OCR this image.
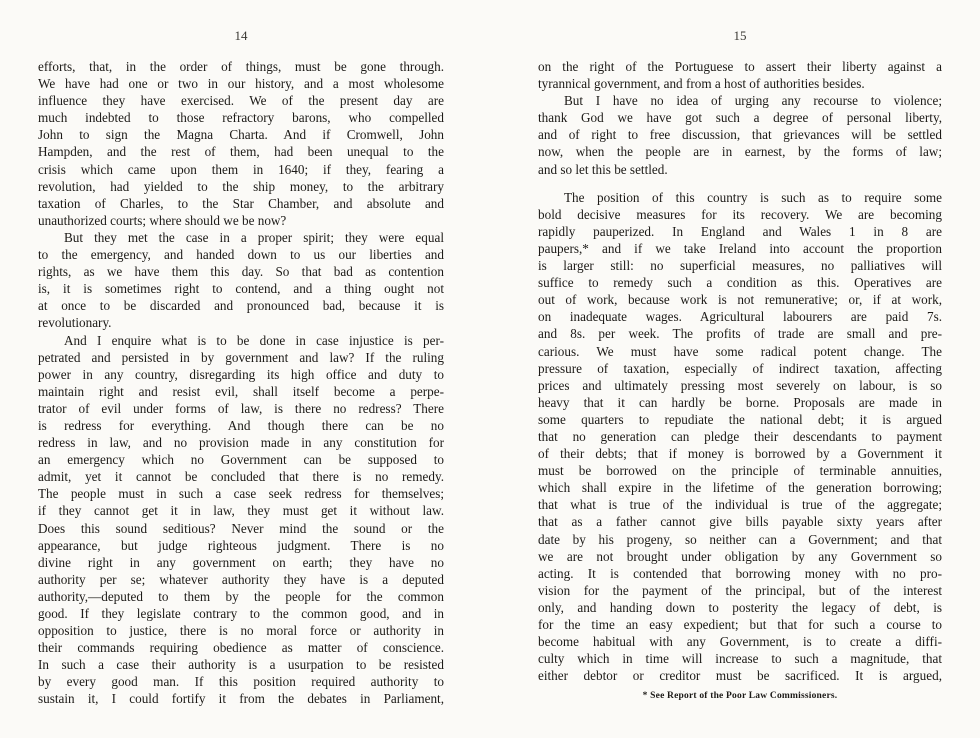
14
efforts, that, in the order of things, must be gone through.
We have had one or two in our history, and a most wholesome
influence they have exercised. We of the present day are
much indebted to those refractory barons, who compelled
John to sign the Magna Charta. And if Cromwell, John
Hampden, and the rest of them, had been unequal to the
crisis which came upon them in 1640; if they, fearing a
revolution, had yielded to the ship money, to the arbitrary
taxation of Charles, to the Star Chamber, and absolute and
unauthorized courts; where should we be now?
But they met the case in a proper spirit; they were equal
to the emergency, and handed down to us our liberties and
rights, as we have them this day. So that bad as contention
is, it is sometimes right to contend, and a thing ought not
at once to be discarded and pronounced bad, because it is
revolutionary.
And I enquire what is to be done in case injustice is per-
petrated and persisted in by government and law? If the ruling
power in any country, disregarding its high office and duty to
maintain right and resist evil, shall itself become a perpe-
trator of evil under forms of law, is there no redress? There
is redress for everything. And though there can be no
redress in law, and no provision made in any constitution for
an emergency which no Government can be supposed to
admit, yet it cannot be concluded that there is no remedy.
The people must in such a case seek redress for themselves;
if they cannot get it in law, they must get it without law.
Does this sound seditious? Never mind the sound or the
appearance, but judge righteous judgment. There is no
divine right in any government on earth; they have no
authority per se; whatever authority they have is a deputed
authority,—deputed to them by the people for the common
good. If they legislate contrary to the common good, and in
opposition to justice, there is no moral force or authority in
their commands requiring obedience as matter of conscience.
In such a case their authority is a usurpation to be resisted
by every good man. If this position required authority to
sustain it, I could fortify it from the debates in Parliament,
15
on the right of the Portuguese to assert their liberty against a
tyrannical government, and from a host of authorities besides.
But I have no idea of urging any recourse to violence;
thank God we have got such a degree of personal liberty,
and of right to free discussion, that grievances will be settled
now, when the people are in earnest, by the forms of law;
and so let this be settled.
The position of this country is such as to require some
bold decisive measures for its recovery. We are becoming
rapidly pauperized. In England and Wales 1 in 8 are
paupers,* and if we take Ireland into account the proportion
is larger still: no superficial measures, no palliatives will
suffice to remedy such a condition as this. Operatives are
out of work, because work is not remunerative; or, if at work,
on inadequate wages. Agricultural labourers are paid 7s.
and 8s. per week. The profits of trade are small and pre-
carious. We must have some radical potent change. The
pressure of taxation, especially of indirect taxation, affecting
prices and ultimately pressing most severely on labour, is so
heavy that it can hardly be borne. Proposals are made in
some quarters to repudiate the national debt; it is argued
that no generation can pledge their descendants to payment
of their debts; that if money is borrowed by a Government it
must be borrowed on the principle of terminable annuities,
which shall expire in the lifetime of the generation borrowing;
that what is true of the individual is true of the aggregate;
that as a father cannot give bills payable sixty years after
date by his progeny, so neither can a Government; and that
we are not brought under obligation by any Government so
acting. It is contended that borrowing money with no pro-
vision for the payment of the principal, but of the interest
only, and handing down to posterity the legacy of debt, is
for the time an easy expedient; but that for such a course to
become habitual with any Government, is to create a diffi-
culty which in time will increase to such a magnitude, that
either debtor or creditor must be sacrificed. It is argued,
* See Report of the Poor Law Commissioners.
